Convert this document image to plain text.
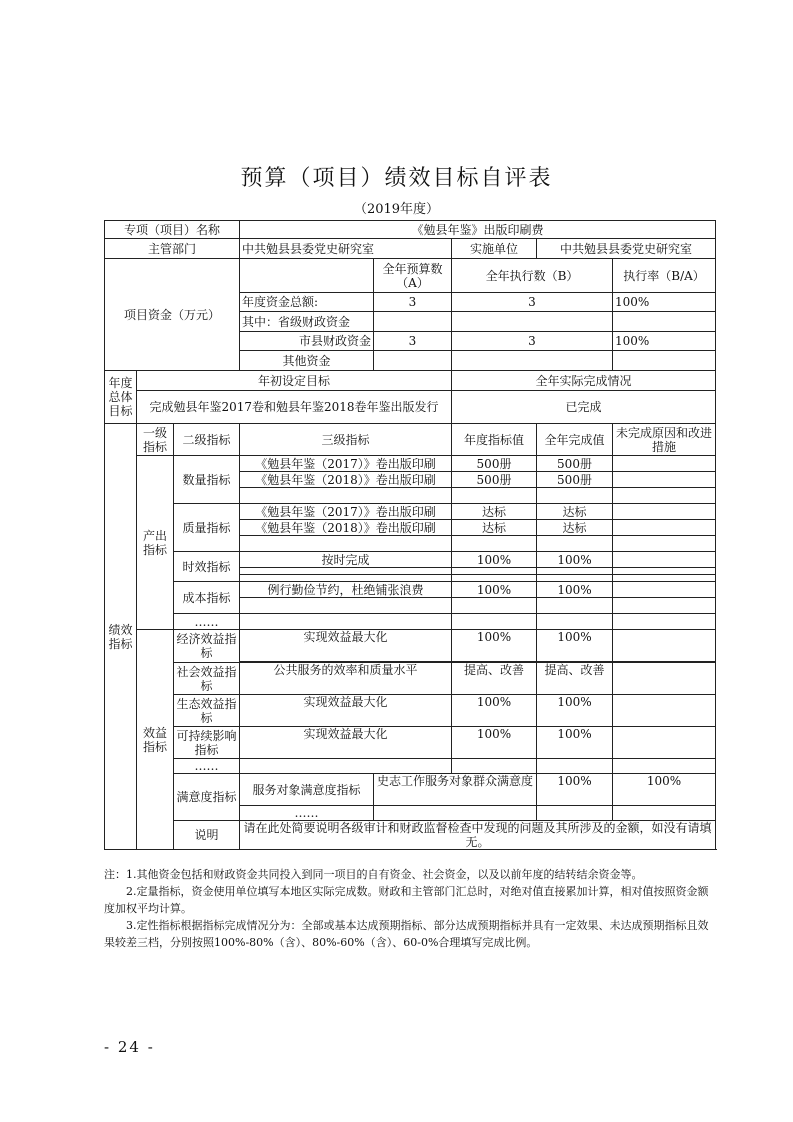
预算（项目）绩效目标自评表
（2019年度）
专项（项目）名称			《勉县年鉴》出版印刷费					
主管部门			中共勉县县委党史研究室		实施单位	中共勉县县委党史研究室		
项目资金（万元）				全年预算数（A）	全年执行数（B）		执行率（B/A）	
			年度资金总额:	3	3		100%	
			其中：省级财政资金					
			市县财政资金	3	3		100%	
			其他资金					
年度总体目标	年初设定目标				全年实际完成情况			
	完成勉县年鉴2017卷和勉县年鉴2018卷年鉴出版发行				已完成			
绩效指标	一级指标	二级指标	三级指标		年度指标值	全年完成值	未完成原因和改进措施	
	产出指标	数量指标	《勉县年鉴（2017）》卷出版印刷		500册	500册		
			《勉县年鉴（2018）》卷出版印刷		500册	500册		

		质量指标	《勉县年鉴（2017）》卷出版印刷		达标	达标		
			《勉县年鉴（2018）》卷出版印刷		达标	达标		

		时效指标	按时完成		100%	100%		

		成本指标	例行勤俭节约，杜绝铺张浪费		100%	100%		

		……						
	效益指标	经济效益指标	实现效益最大化		100%	100%		

		社会效益指标	公共服务的效率和质量水平		提高、改善	提高、改善		
		生态效益指标	实现效益最大化		100%	100%		
		可持续影响指标	实现效益最大化		100%	100%		
		……						
		满意度指标	服务对象满意度指标	史志工作服务对象群众满意度		100%	100%	
			……					
		说明	请在此处简要说明各级审计和财政监督检查中发现的问题及其所涉及的金额，如没有请填无。					

注：1.其他资金包括和财政资金共同投入到同一项目的自有资金、社会资金，以及以前年度的结转结余资金等。

2.定量指标，资金使用单位填写本地区实际完成数。财政和主管部门汇总时，对绝对值直接累加计算，相对值按照资金额度加权平均计算。

3.定性指标根据指标完成情况分为：全部或基本达成预期指标、部分达成预期指标并具有一定效果、未达成预期指标且效果较差三档，分别按照100%-80%（含）、80%-60%（含）、60-0%合理填写完成比例。

- 24 -
